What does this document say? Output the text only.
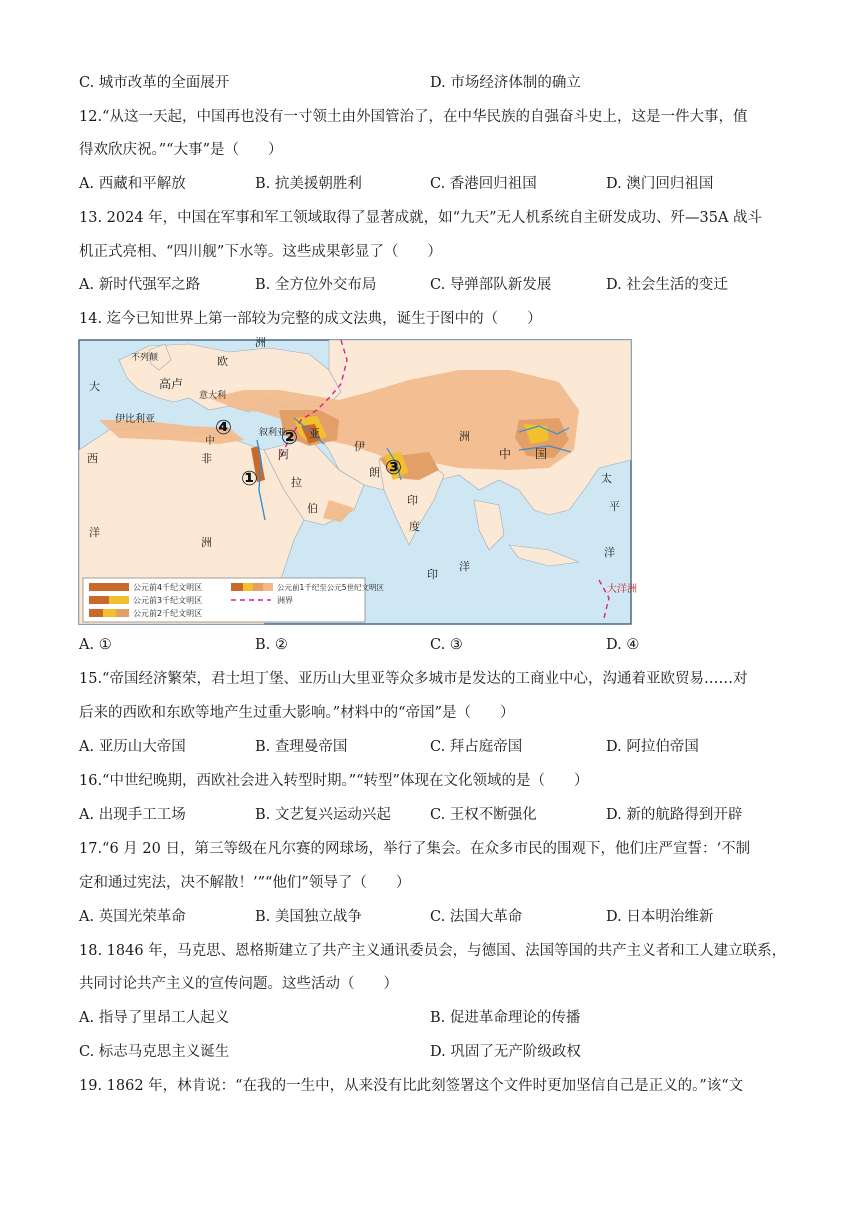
C. 城市改革的全面展开	D. 市场经济体制的确立
12.“从这一天起，中国再也没有一寸领土由外国管治了，在中华民族的自强奋斗史上，这是一件大事，值
得欢欣庆祝。”“大事”是（　　）
A. 西藏和平解放	B. 抗美援朝胜利	C. 香港回归祖国	D. 澳门回归祖国
13. 2024 年，中国在军事和军工领域取得了显著成就，如“九天”无人机系统自主研发成功、歼—35A 战斗
机正式亮相、“四川舰”下水等。这些成果彰显了（　　）
A. 新时代强军之路	B. 全方位外交布局	C. 导弹部队新发展	D. 社会生活的变迁
14. 迄今已知世界上第一部较为完整的成文法典，诞生于图中的（　　）
大
西
洋
非
洲
欧
高卢
不列颠
伊比利亚
意大利
洲
亚
叙利亚
阿
拉
伯
伊
朗
洲
中 国
印
度
太
平
洋
大洋洲
印
洋
中
①
②
③
④
公元前4千纪文明区
公元前3千纪文明区
公元前2千纪文明区
公元前1千纪至公元5世纪文明区
洲界
A. ①	B. ②	C. ③	D. ④
15.“帝国经济繁荣，君士坦丁堡、亚历山大里亚等众多城市是发达的工商业中心，沟通着亚欧贸易……对
后来的西欧和东欧等地产生过重大影响。”材料中的“帝国”是（　　）
A. 亚历山大帝国	B. 查理曼帝国	C. 拜占庭帝国	D. 阿拉伯帝国
16.“中世纪晚期，西欧社会进入转型时期。”“转型”体现在文化领域的是（　　）
A. 出现手工工场	B. 文艺复兴运动兴起	C. 王权不断强化	D. 新的航路得到开辟
17.“6 月 20 日，第三等级在凡尔赛的网球场，举行了集会。在众多市民的围观下，他们庄严宣誓：‘不制
定和通过宪法，决不解散！’”“他们”领导了（　　）
A. 英国光荣革命	B. 美国独立战争	C. 法国大革命	D. 日本明治维新
18. 1846 年，马克思、恩格斯建立了共产主义通讯委员会，与德国、法国等国的共产主义者和工人建立联系，
共同讨论共产主义的宣传问题。这些活动（　　）
A. 指导了里昂工人起义	B. 促进革命理论的传播
C. 标志马克思主义诞生	D. 巩固了无产阶级政权
19. 1862 年，林肯说：“在我的一生中，从来没有比此刻签署这个文件时更加坚信自己是正义的。”该“文
